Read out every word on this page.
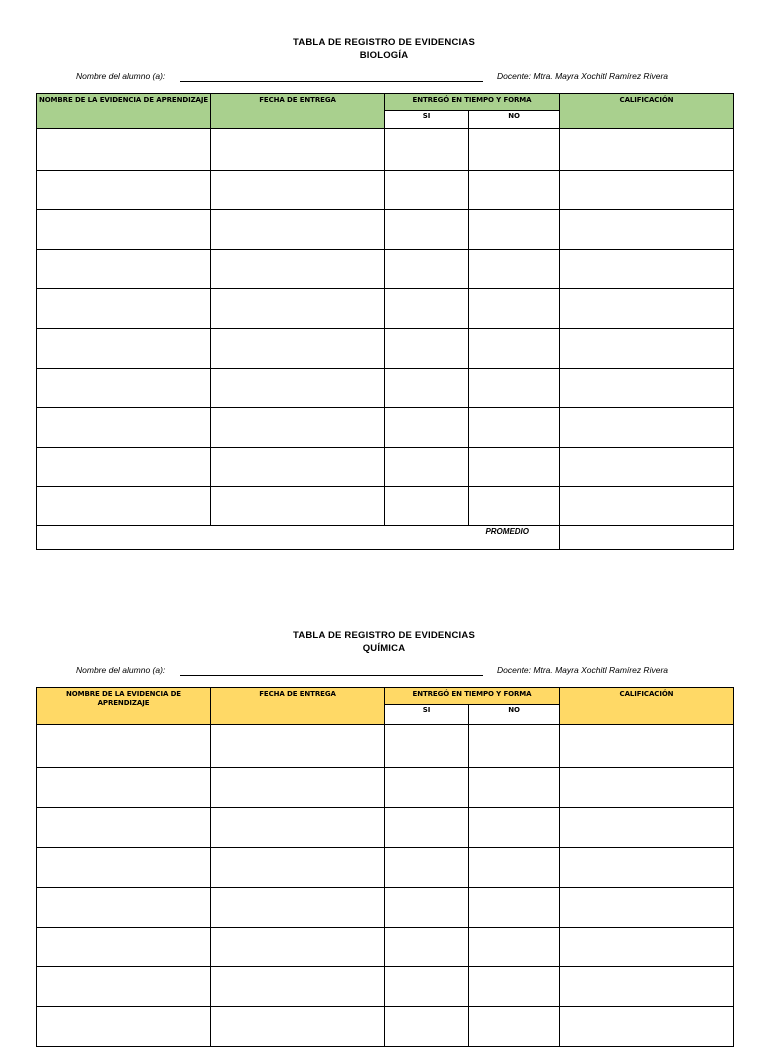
TABLA DE REGISTRO DE EVIDENCIAS
BIOLOGÍA
Nombre del alumno (a):	Docente: Mtra. Mayra Xochitl Ramírez Rivera
NOMBRE DE LA EVIDENCIA DE APRENDIZAJE	FECHA DE ENTREGA	ENTREGÓ EN TIEMPO Y FORMA		CALIFICACIÓN
		SI	NO	

PROMEDIO				
TABLA DE REGISTRO DE EVIDENCIAS
QUÍMICA
Nombre del alumno (a):	Docente: Mtra. Mayra Xochitl Ramírez Rivera
NOMBRE DE LA EVIDENCIA DE APRENDIZAJE	FECHA DE ENTREGA	ENTREGÓ EN TIEMPO Y FORMA		CALIFICACIÓN
		SI	NO	
